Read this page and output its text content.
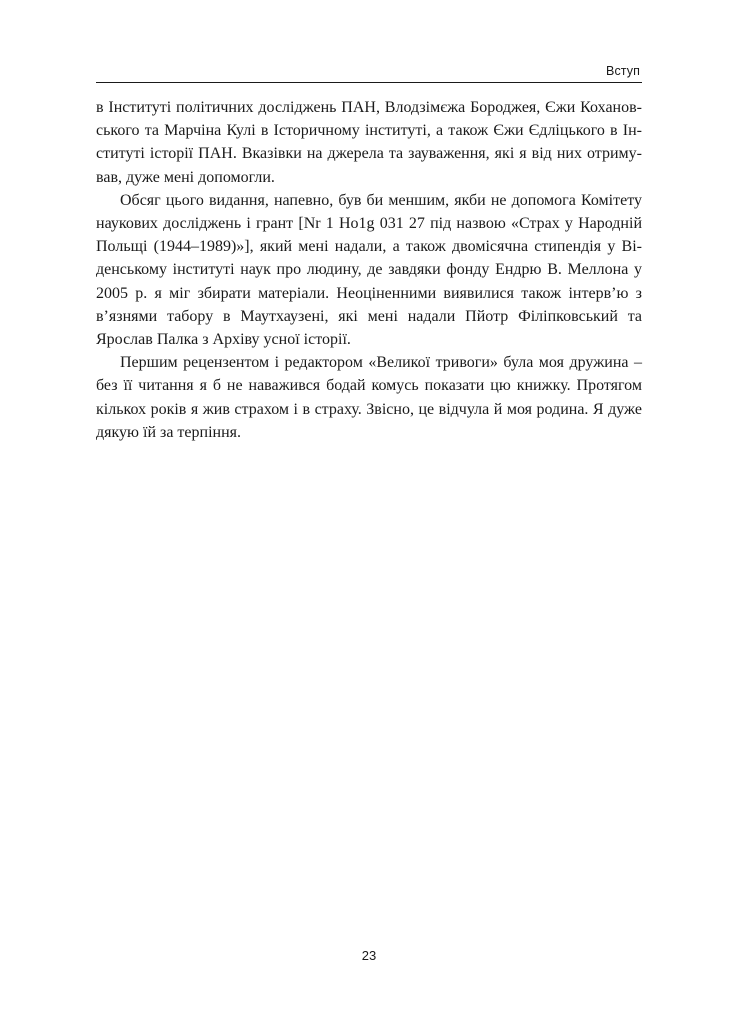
Вступ

в Інституті політичних досліджень ПАН, Влодзімєжа Бороджея, Єжи Кохановського та Марчіна Кулі в Історичному інституті, а також Єжи Єдліцького в Інституті історії ПАН. Вказівки на джерела та зауваження, які я від них отримував, дуже мені допомогли.

Обсяг цього видання, напевно, був би меншим, якби не допомога Комітету наукових досліджень і грант [Nr 1 Ho1g 031 27 під назвою «Страх у Народній Польщі (1944–1989)»], який мені надали, а також двомісячна стипендія у Віденському інституті наук про людину, де завдяки фонду Ендрю В. Меллона у 2005 р. я міг збирати матеріали. Неоціненними виявилися також інтерв’ю з в’язнями табору в Маутхаузені, які мені надали Пйотр Філіпковський та Ярослав Палка з Архіву усної історії.

Першим рецензентом і редактором «Великої тривоги» була моя дружина – без її читання я б не наважився бодай комусь показати цю книжку. Протягом кількох років я жив страхом і в страху. Звісно, це відчула й моя родина. Я дуже дякую їй за терпіння.

23
